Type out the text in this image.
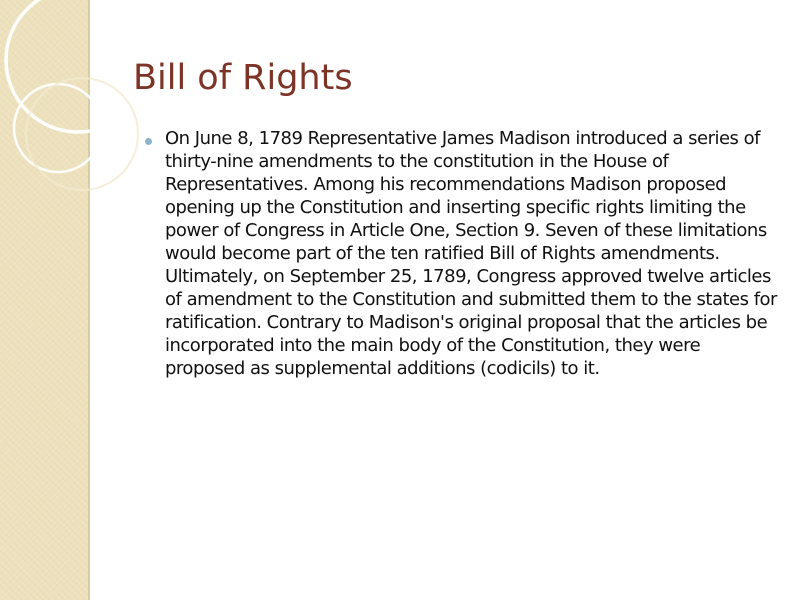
Bill of Rights
On June 8, 1789 Representative James Madison introduced a series of thirty-nine amendments to the constitution in the House of Representatives. Among his recommendations Madison proposed opening up the Constitution and inserting specific rights limiting the power of Congress in Article One, Section 9. Seven of these limitations would become part of the ten ratified Bill of Rights amendments. Ultimately, on September 25, 1789, Congress approved twelve articles of amendment to the Constitution and submitted them to the states for ratification. Contrary to Madison's original proposal that the articles be incorporated into the main body of the Constitution, they were proposed as supplemental additions (codicils) to it.
